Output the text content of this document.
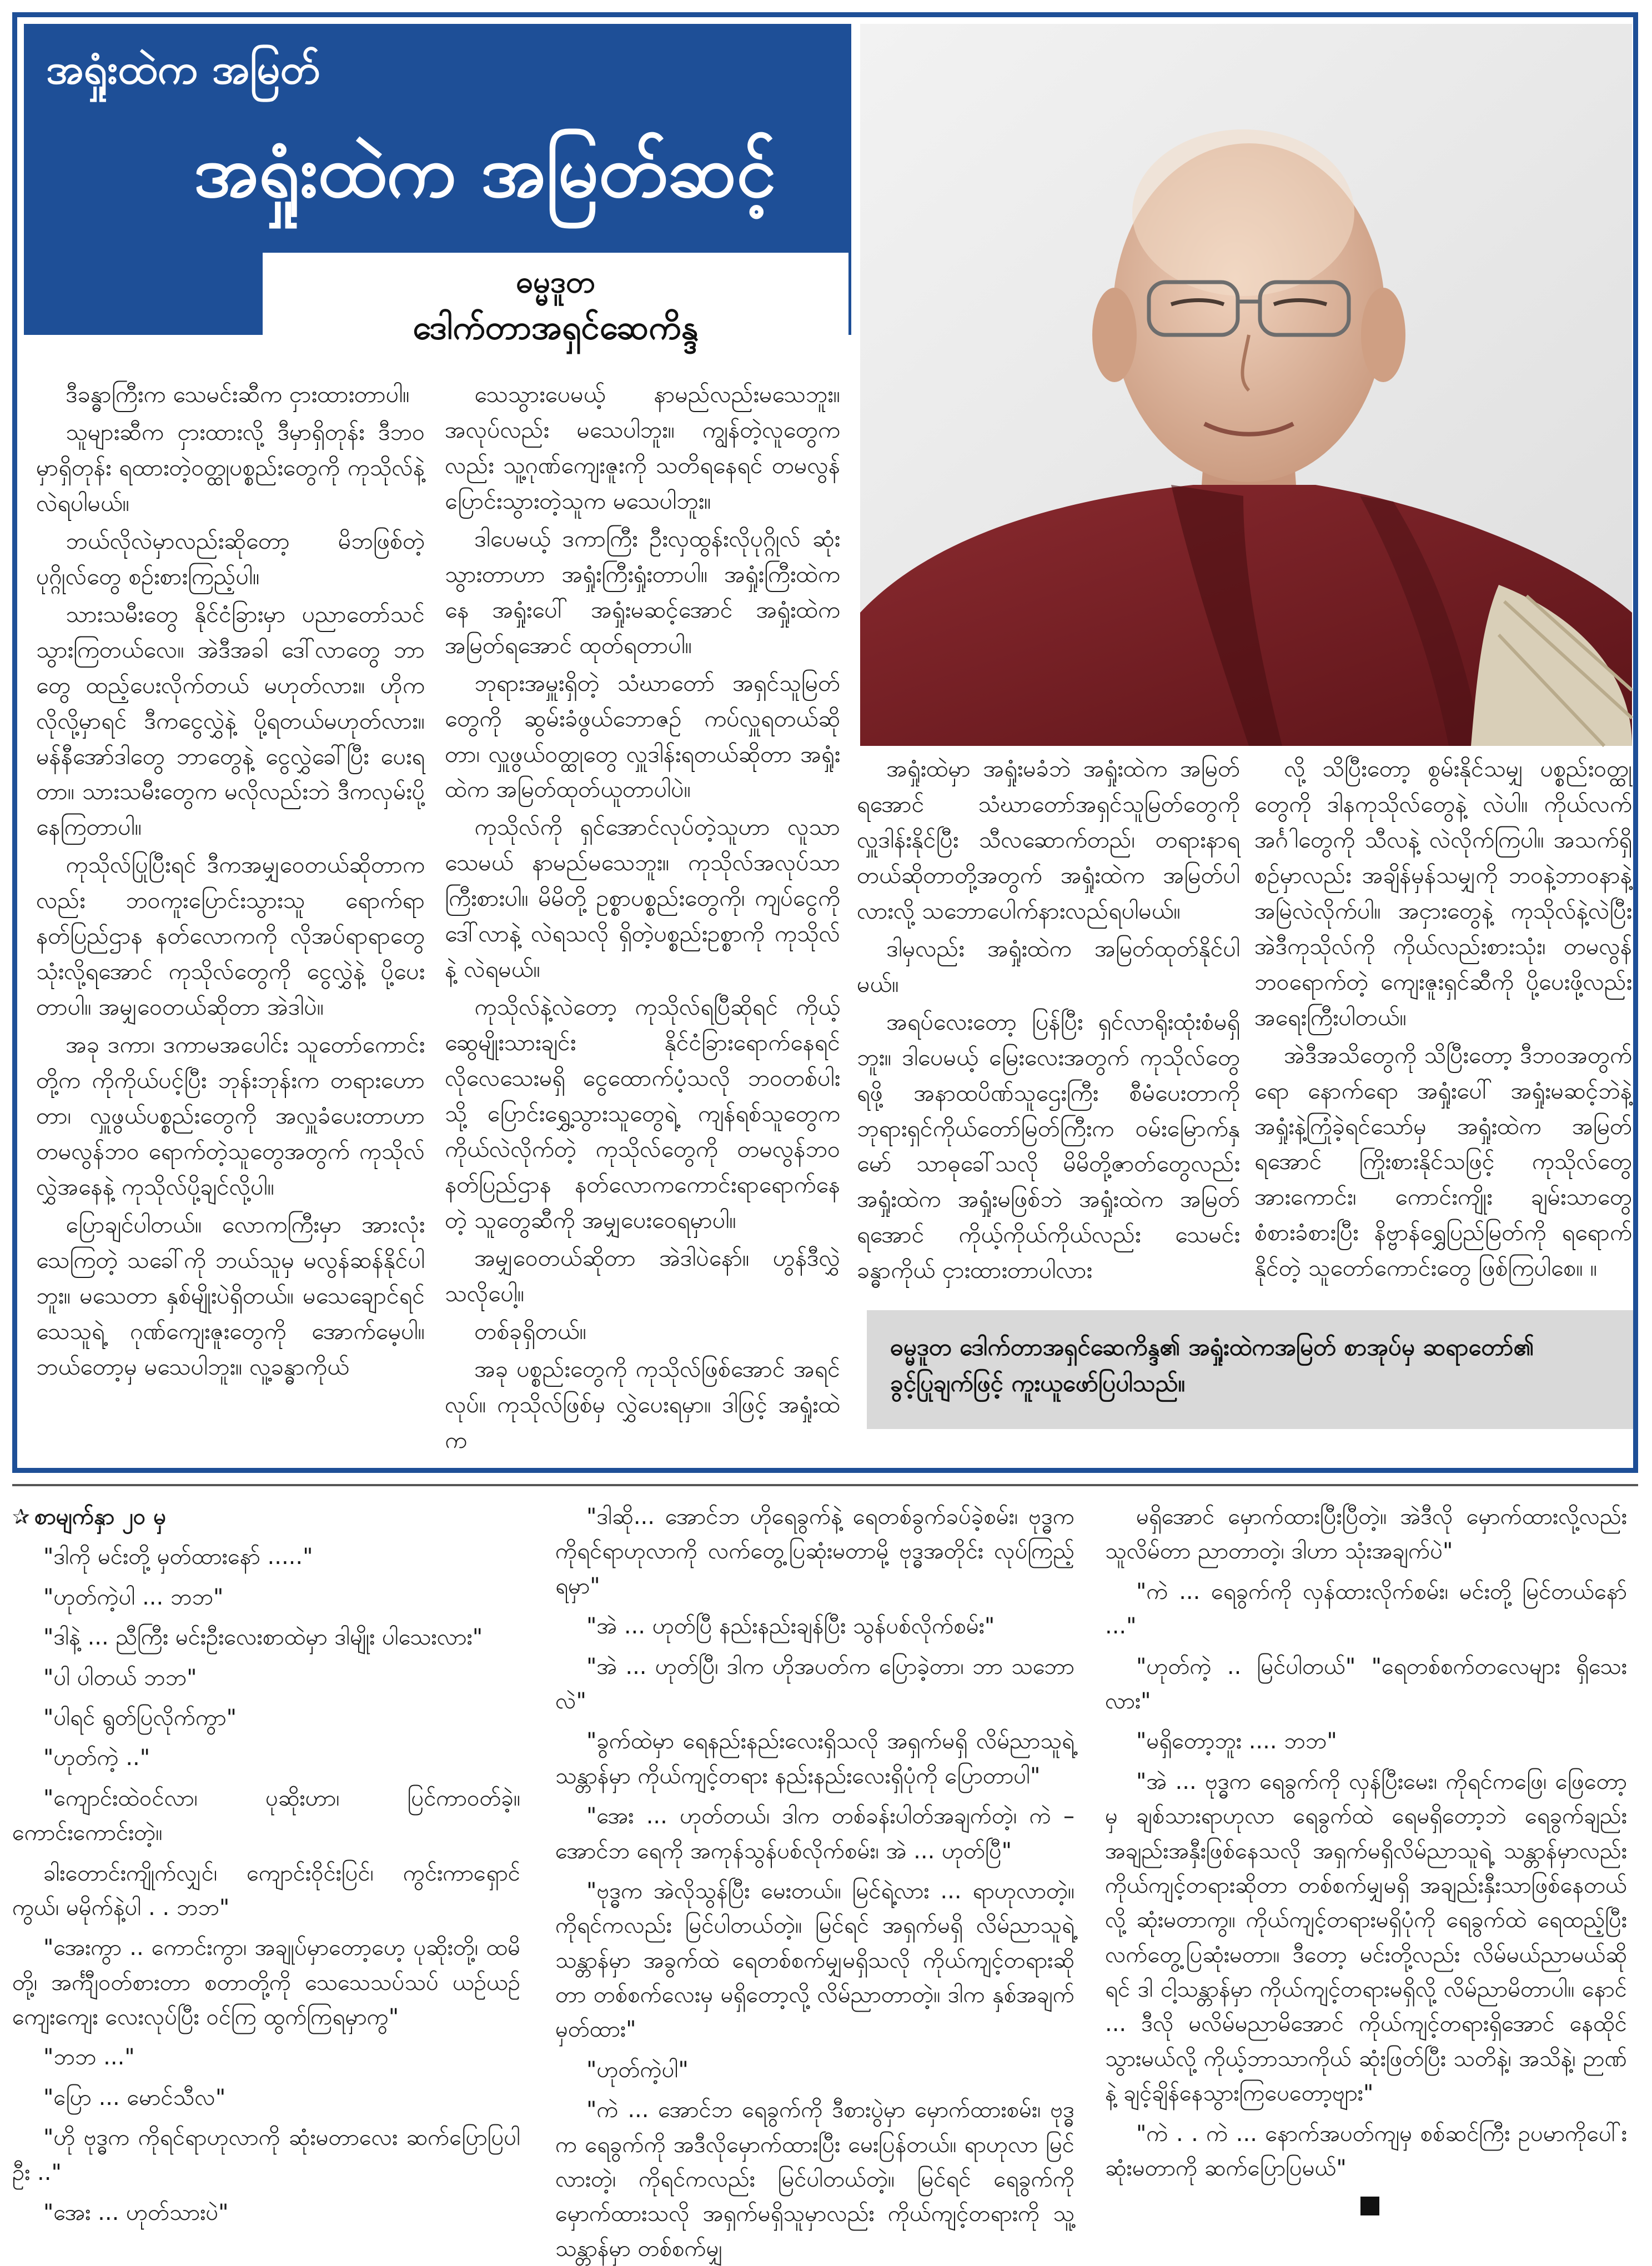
အရှုံးထဲက အမြတ်
အရှုံးထဲက အမြတ်ဆင့်
ဓမ္မဒူတ
ဒေါက်တာအရှင်ဆေကိန္ဒ

ဒီခန္ဓာကြီးက သေမင်းဆီက ငှားထားတာပါ။

သူများဆီက ငှားထားလို့ ဒီမှာရှိတုန်း ဒီဘဝမှာရှိတုန်း ရထားတဲ့ဝတ္ထုပစ္စည်းတွေကို ကုသိုလ်နဲ့ လဲရပါမယ်။

ဘယ်လိုလဲမှာလည်းဆိုတော့ မိဘဖြစ်တဲ့ ပုဂ္ဂိုလ်တွေ စဉ်းစားကြည့်ပါ။

သားသမီးတွေ နိုင်ငံခြားမှာ ပညာတော်သင်သွားကြတယ်လေ။ အဲဒီအခါ ဒေါ်လာတွေ ဘာတွေ ထည့်ပေးလိုက်တယ် မဟုတ်လား။ ဟိုက လိုလို့မှာရင် ဒီကငွေလွှဲနဲ့ ပို့ရတယ်မဟုတ်လား။ မန်နီအော်ဒါတွေ ဘာတွေနဲ့ ငွေလွှဲခေါ်ပြီး ပေးရတာ။ သားသမီးတွေက မလိုလည်းဘဲ ဒီကလှမ်းပို့နေကြတာပါ။

ကုသိုလ်ပြုပြီးရင် ဒီကအမျှဝေတယ်ဆိုတာကလည်း ဘဝကူးပြောင်းသွားသူ ရောက်ရာနတ်ပြည်ဌာန နတ်လောကကို လိုအပ်ရာရာတွေ သုံးလို့ရအောင် ကုသိုလ်တွေကို ငွေလွှဲနဲ့ ပို့ပေးတာပါ။ အမျှဝေတယ်ဆိုတာ အဲဒါပဲ။

အခု ဒကာ၊ ဒကာမအပေါင်း သူတော်ကောင်းတို့က ကိုကိုယ်ပင့်ပြီး ဘုန်းဘုန်းက တရားဟောတာ၊ လှူဖွယ်ပစ္စည်းတွေကို အလှူခံပေးတာဟာ တမလွန်ဘဝ ရောက်တဲ့သူတွေအတွက် ကုသိုလ်လွှဲအနေနဲ့ ကုသိုလ်ပို့ချင်လို့ပါ။

ပြောချင်ပါတယ်။ လောကကြီးမှာ အားလုံးသေကြတဲ့ သခေါ်ကို ဘယ်သူမှ မလွန်ဆန်နိုင်ပါဘူး။ မသေတာ နှစ်မျိုးပဲရှိတယ်။ မသေချောင်ရင် သေသူရဲ့ ဂုဏ်ကျေးဇူးတွေကို အောက်မေ့ပါ။ ဘယ်တော့မှ မသေပါဘူး။ လူ့ခန္ဓာကိုယ်

သေသွားပေမယ့် နာမည်လည်းမသေဘူး။ အလုပ်လည်း မသေပါဘူး။ ကျွန်တဲ့လူတွေကလည်း သူ့ဂုဏ်ကျေးဇူးကို သတိရနေရင် တမလွန်ပြောင်းသွားတဲ့သူက မသေပါဘူး။

ဒါပေမယ့် ဒကာကြီး ဦးလှထွန်းလိုပုဂ္ဂိုလ် ဆုံးသွားတာဟာ အရှုံးကြီးရှုံးတာပါ။ အရှုံးကြီးထဲကနေ အရှုံးပေါ် အရှုံးမဆင့်အောင် အရှုံးထဲက အမြတ်ရအောင် ထုတ်ရတာပါ။

ဘုရားအမှူးရှိတဲ့ သံဃာတော် အရှင်သူမြတ်တွေကို ဆွမ်းခံဖွယ်ဘောဇဉ် ကပ်လှူရတယ်ဆိုတာ၊ လှူဖွယ်ဝတ္ထုတွေ လှူဒါန်းရတယ်ဆိုတာ အရှုံးထဲက အမြတ်ထုတ်ယူတာပါပဲ။

ကုသိုလ်ကို ရှင်အောင်လုပ်တဲ့သူဟာ လူသာသေမယ် နာမည်မသေဘူး။ ကုသိုလ်အလုပ်သာ ကြီးစားပါ။ မိမိတို့ ဥစ္စာပစ္စည်းတွေကို၊ ကျပ်ငွေကို ဒေါ်လာနဲ့ လဲရသလို ရှိတဲ့ပစ္စည်းဥစ္စာကို ကုသိုလ်နဲ့ လဲရမယ်။

ကုသိုလ်နဲ့လဲတော့ ကုသိုလ်ရပြီဆိုရင် ကိုယ့်ဆွေမျိုးသားချင်း နိုင်ငံခြားရောက်နေရင် လိုလေသေးမရှိ ငွေထောက်ပံ့သလို ဘဝတစ်ပါးသို့ ပြောင်းရွှေ့သွားသူတွေရဲ့ ကျန်ရစ်သူတွေက ကိုယ်လဲလိုက်တဲ့ ကုသိုလ်တွေကို တမလွန်ဘဝ နတ်ပြည်ဌာန နတ်လောကကောင်းရာရောက်နေတဲ့ သူတွေဆီကို အမျှပေးဝေရမှာပါ။

အမျှဝေတယ်ဆိုတာ အဲဒါပဲနော်။ ဟွန်ဒီလွှဲသလိုပေါ့။

တစ်ခုရှိတယ်။

အခု ပစ္စည်းတွေကို ကုသိုလ်ဖြစ်အောင် အရင်လုပ်။ ကုသိုလ်ဖြစ်မှ လွှဲပေးရမှာ။ ဒါဖြင့် အရှုံးထဲက

အရှုံးထဲမှာ အရှုံးမခံဘဲ အရှုံးထဲက အမြတ်ရအောင် သံဃာတော်အရှင်သူမြတ်တွေကို လှူဒါန်းနိုင်ပြီး သီလဆောက်တည်၊ တရားနာရတယ်ဆိုတာတို့အတွက် အရှုံးထဲက အမြတ်ပါလားလို့ သဘောပေါက်နားလည်ရပါမယ်။

ဒါမှလည်း အရှုံးထဲက အမြတ်ထုတ်နိုင်ပါမယ်။

အရပ်လေးတော့ ပြန်ပြီး ရှင်လာရိုးထုံးစံမရှိဘူး။ ဒါပေမယ့် မြေးလေးအတွက် ကုသိုလ်တွေရဖို့ အနာထပိဏ်သူဌေးကြီး စီမံပေးတာကို ဘုရားရှင်ကိုယ်တော်မြတ်ကြီးက ဝမ်းမြောက်နှမော် သာဓုခေါ်သလို မိမိတို့ဇာတ်တွေလည်း အရှုံးထဲက အရှုံးမဖြစ်ဘဲ အရှုံးထဲက အမြတ်ရအောင် ကိုယ့်ကိုယ်ကိုယ်လည်း သေမင်းခန္ဓာကိုယ် ငှားထားတာပါလား

လို့ သိပြီးတော့ စွမ်းနိုင်သမျှ ပစ္စည်းဝတ္ထုတွေကို ဒါနကုသိုလ်တွေနဲ့ လဲပါ။ ကိုယ်လက်အင်္ဂါတွေကို သီလနဲ့ လဲလိုက်ကြပါ။ အသက်ရှိစဉ်မှာလည်း အချိန်မှန်သမျှကို ဘဝနဲ့ဘာဝနာနဲ့ အမြဲလဲလိုက်ပါ။ အငှားတွေနဲ့ ကုသိုလ်နဲ့လဲပြီး အဲဒီကုသိုလ်ကို ကိုယ်လည်းစားသုံး၊ တမလွန်ဘဝရောက်တဲ့ ကျေးဇူးရှင်ဆီကို ပို့ပေးဖို့လည်း အရေးကြီးပါတယ်။

အဲဒီအသိတွေကို သိပြီးတော့ ဒီဘဝအတွက်ရော နောက်ရော အရှုံးပေါ် အရှုံးမဆင့်ဘဲနဲ့ အရှုံးနဲ့ကြုံခဲ့ရင်သော်မှ အရှုံးထဲက အမြတ်ရအောင် ကြိုးစားနိုင်သဖြင့် ကုသိုလ်တွေ အားကောင်း၊ ကောင်းကျိုး ချမ်းသာတွေ စံစားခံစားပြီး နိဗ္ဗာန်ရွှေပြည်မြတ်ကို ရရောက်နိုင်တဲ့ သူတော်ကောင်းတွေ ဖြစ်ကြပါစေ။ ။

ဓမ္မဒူတ ဒေါက်တာအရှင်ဆေကိန္ဒ၏ အရှုံးထဲကအမြတ် စာအုပ်မှ ဆရာတော်၏ ခွင့်ပြုချက်ဖြင့် ကူးယူဖော်ပြပါသည်။

✰ စာမျက်နှာ ၂၀ မှ

"ဒါကို မင်းတို့ မှတ်ထားနော် ....."

"ဟုတ်ကဲ့ပါ ... ဘဘ"

"ဒါနဲ့ ... ညီကြီး မင်းဦးလေးစာထဲမှာ ဒါမျိုး ပါသေးလား"

"ပါ ပါတယ် ဘဘ"

"ပါရင် ရွတ်ပြလိုက်ကွာ"

"ဟုတ်ကဲ့ .."

"ကျောင်းထဲဝင်လာ၊ ပုဆိုးဟာ၊ ပြင်ကာဝတ်ခဲ့။ ကောင်းကောင်းတဲ့။

ခါးတောင်းကျိုက်လျှင်၊ ကျောင်းဝိုင်းပြင်၊ ကွင်းကာရှောင်ကွယ်၊ မမိုက်နဲ့ပါ . . ဘဘ"

"အေးကွာ .. ကောင်းကွာ၊ အချုပ်မှာတော့ဟေ့ ပုဆိုးတို့၊ ထမိတို့၊ အင်္ကျီဝတ်စားတာ စတာတို့ကို သေသေသပ်သပ် ယဉ်ယဉ်ကျေးကျေး လေးလုပ်ပြီး ဝင်ကြ ထွက်ကြရမှာကွ"

"ဘဘ ..."

"ပြော ... မောင်သီလ"

"ဟို ဗုဒ္ဓက ကိုရင်ရာဟုလာကို ဆုံးမတာလေး ဆက်ပြောပြပါဦး .."

"အေး ... ဟုတ်သားပဲ"

"ဒါဆို... အောင်ဘ ဟိုရေခွက်နဲ့ ရေတစ်ခွက်ခပ်ခဲ့စမ်း၊ ဗုဒ္ဓက ကိုရင်ရာဟုလာကို လက်တွေ့ပြဆုံးမတာမို့ ဗုဒ္ဓအတိုင်း လုပ်ကြည့်ရမှာ"

"အဲ ... ဟုတ်ပြီ နည်းနည်းချန်ပြီး သွန်ပစ်လိုက်စမ်း"

"အဲ ... ဟုတ်ပြီ၊ ဒါက ဟိုအပတ်က ပြောခဲ့တာ၊ ဘာ သဘောလဲ"

"ခွက်ထဲမှာ ရေနည်းနည်းလေးရှိသလို အရှက်မရှိ လိမ်ညာသူရဲ့ သန္တာန်မှာ ကိုယ်ကျင့်တရား နည်းနည်းလေးရှိပုံကို ပြောတာပါ"

"အေး ... ဟုတ်တယ်၊ ဒါက တစ်ခန်းပါတ်အချက်တဲ့၊ ကဲ – အောင်ဘ ရေကို အကုန်သွန်ပစ်လိုက်စမ်း၊ အဲ ... ဟုတ်ပြီ"

"ဗုဒ္ဓက အဲလိုသွန်ပြီး မေးတယ်။ မြင်ရဲ့လား ... ရာဟုလာတဲ့။ ကိုရင်ကလည်း မြင်ပါတယ်တဲ့။ မြင်ရင် အရှက်မရှိ လိမ်ညာသူရဲ့ သန္တာန်မှာ အခွက်ထဲ ရေတစ်စက်မျှမရှိသလို ကိုယ်ကျင့်တရားဆိုတာ တစ်စက်လေးမှ မရှိတော့လို့ လိမ်ညာတာတဲ့။ ဒါက နှစ်အချက်မှတ်ထား"

"ဟုတ်ကဲ့ပါ"

"ကဲ ... အောင်ဘ ရေခွက်ကို ဒီစားပွဲမှာ မှောက်ထားစမ်း၊ ဗုဒ္ဓက ရေခွက်ကို အဒီလိုမှောက်ထားပြီး မေးပြန်တယ်။ ရာဟုလာ မြင်လားတဲ့၊ ကိုရင်ကလည်း မြင်ပါတယ်တဲ့။ မြင်ရင် ရေခွက်ကို မှောက်ထားသလို အရှက်မရှိသူမှာလည်း ကိုယ်ကျင့်တရားကို သူ့သန္တာန်မှာ တစ်စက်မျှ

မရှိအောင် မှောက်ထားပြီးပြီတဲ့။ အဲဒီလို မှောက်ထားလို့လည်း သူလိမ်တာ ညာတာတဲ့၊ ဒါဟာ သုံးအချက်ပဲ"

"ကဲ ... ရေခွက်ကို လှန်ထားလိုက်စမ်း၊ မင်းတို့ မြင်တယ်နော် ..."

"ဟုတ်ကဲ့ .. မြင်ပါတယ်" "ရေတစ်စက်တလေများ ရှိသေးလား"

"မရှိတော့ဘူး .... ဘဘ"

"အဲ ... ဗုဒ္ဓက ရေခွက်ကို လှန်ပြီးမေး၊ ကိုရင်ကဖြေ၊ ဖြေတော့မှ ချစ်သားရာဟုလာ ရေခွက်ထဲ ရေမရှိတော့ဘဲ ရေခွက်ချည်း အချည်းအနှီးဖြစ်နေသလို အရှက်မရှိလိမ်ညာသူရဲ့ သန္တာန်မှာလည်း ကိုယ်ကျင့်တရားဆိုတာ တစ်စက်မျှမရှိ အချည်းနှီးသာဖြစ်နေတယ်လို့ ဆုံးမတာကွ။ ကိုယ်ကျင့်တရားမရှိပုံကို ရေခွက်ထဲ ရေထည့်ပြီး လက်တွေ့ပြဆုံးမတာ။ ဒီတော့ မင်းတို့လည်း လိမ်မယ်ညာမယ်ဆိုရင် ဒါ ငါ့သန္တာန်မှာ ကိုယ်ကျင့်တရားမရှိလို့ လိမ်ညာမိတာပါ။ နောင် ... ဒီလို မလိမ်မညာမိအောင် ကိုယ်ကျင့်တရားရှိအောင် နေထိုင်သွားမယ်လို့ ကိုယ့်ဘာသာကိုယ် ဆုံးဖြတ်ပြီး သတိနဲ့၊ အသိနဲ့၊ ဉာဏ်နဲ့ ချင့်ချိန်နေသွားကြပေတော့ဗျား"

"ကဲ . . ကဲ ... နောက်အပတ်ကျမှ စစ်ဆင်ကြီး ဥပမာကိုပေါ်းဆုံးမတာကို ဆက်ပြောပြမယ်"
